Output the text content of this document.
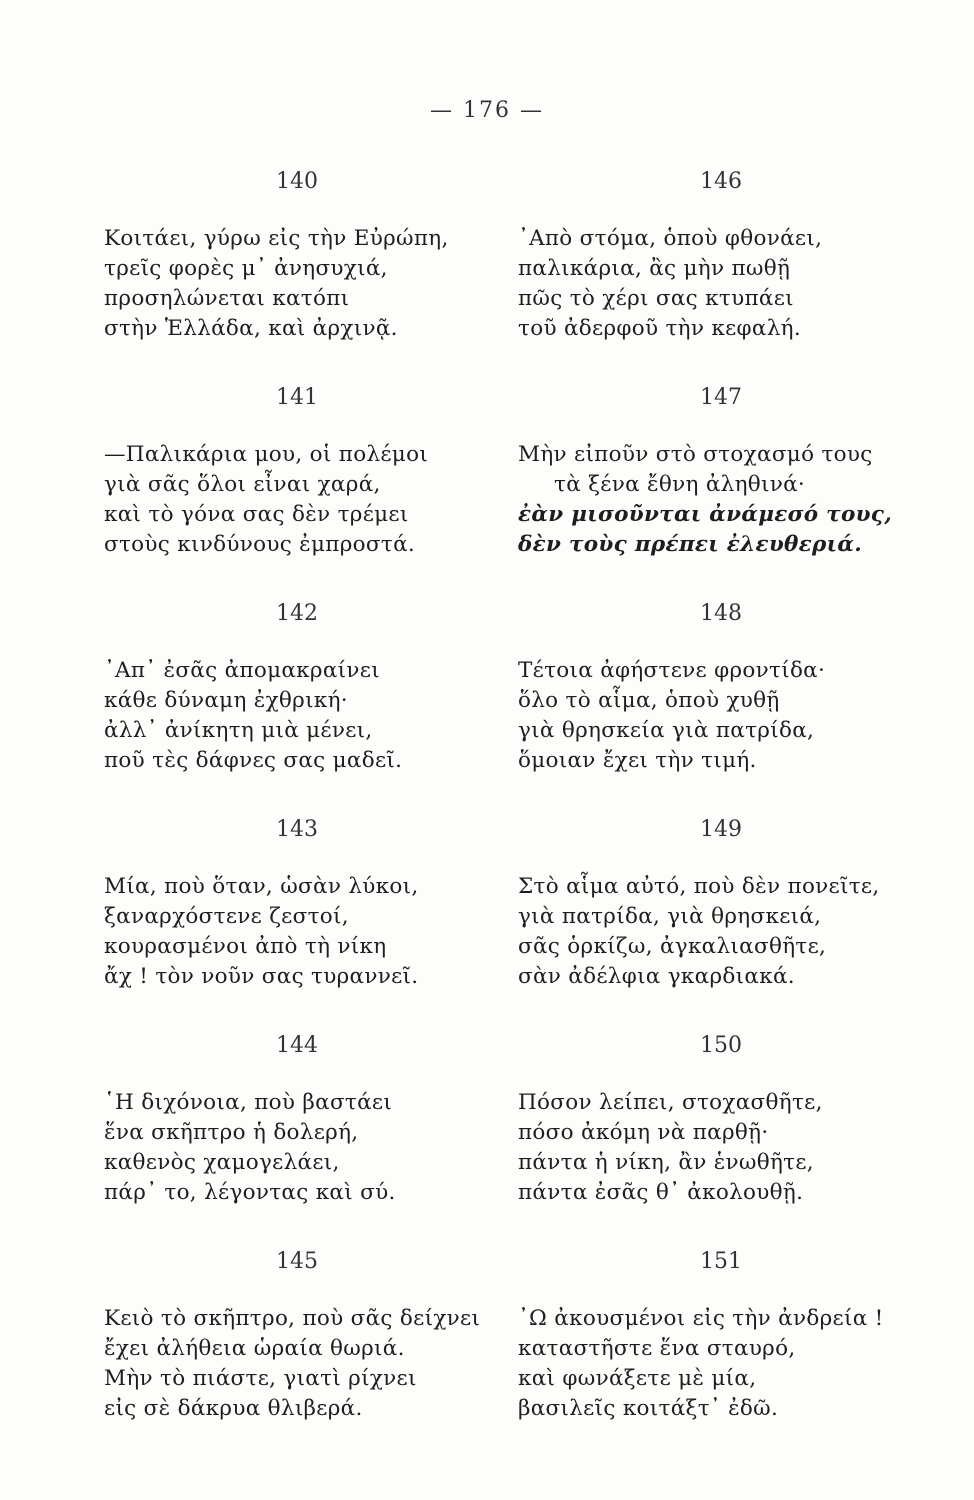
— 176 —
140
Κοιτάει, γύρω εἰς τὴν Εὐρώπη,
τρεῖς φορὲς μ᾿ ἀνησυχιά,
προσηλώνεται κατόπι
στὴν Ἑλλάδα, καὶ ἀρχινᾷ.
141
—Παλικάρια μου, οἱ πολέμοι
γιὰ σᾶς ὅλοι εἶναι χαρά,
καὶ τὸ γόνα σας δὲν τρέμει
στοὺς κινδύνους ἐμπροστά.
142
᾿Απ᾿ ἐσᾶς ἀπομακραίνει
κάθε δύναμη ἐχθρική·
ἀλλ᾿ ἀνίκητη μιὰ μένει,
ποῦ τὲς δάφνες σας μαδεῖ.
143
Μία, ποὺ ὅταν, ὡσὰν λύκοι,
ξαναρχόστενε ζεστοί,
κουρασμένοι ἀπὸ τὴ νίκη
ἄχ ! τὸν νοῦν σας τυραννεῖ.
144
῾Η διχόνοια, ποὺ βαστάει
ἕνα σκῆπτρο ἡ δολερή,
καθενὸς χαμογελάει,
πάρ᾿ το, λέγοντας καὶ σύ.
145
Κειὸ τὸ σκῆπτρο, ποὺ σᾶς δείχνει
ἔχει ἀλήθεια ὡραία θωριά.
Μὴν τὸ πιάστε, γιατὶ ρίχνει
εἰς σὲ δάκρυα θλιβερά.
146
᾿Απὸ στόμα, ὁποὺ φθονάει,
παλικάρια, ἂς μὴν πωθῇ
πῶς τὸ χέρι σας κτυπάει
τοῦ ἀδερφοῦ τὴν κεφαλή.
147
Μὴν εἰποῦν στὸ στοχασμό τους
τὰ ξένα ἔθνη ἀληθινά·
ἐὰν μισοῦνται ἀνάμεσό τους,
δὲν τοὺς πρέπει ἐλευθεριά.
148
Τέτοια ἀφήστενε φροντίδα·
ὅλο τὸ αἷμα, ὁποὺ χυθῇ
γιὰ θρησκεία γιὰ πατρίδα,
ὅμοιαν ἔχει τὴν τιμή.
149
Στὸ αἷμα αὐτό, ποὺ δὲν πονεῖτε,
γιὰ πατρίδα, γιὰ θρησκειά,
σᾶς ὁρκίζω, ἀγκαλιασθῆτε,
σὰν ἀδέλφια γκαρδιακά.
150
Πόσον λείπει, στοχασθῆτε,
πόσο ἀκόμη νὰ παρθῇ·
πάντα ἡ νίκη, ἂν ἑνωθῆτε,
πάντα ἐσᾶς θ᾿ ἀκολουθῇ.
151
᾿Ω ἀκουσμένοι εἰς τὴν ἀνδρεία !
καταστῆστε ἕνα σταυρό,
καὶ φωνάξετε μὲ μία,
βασιλεῖς κοιτάξτ᾿ ἐδῶ.
